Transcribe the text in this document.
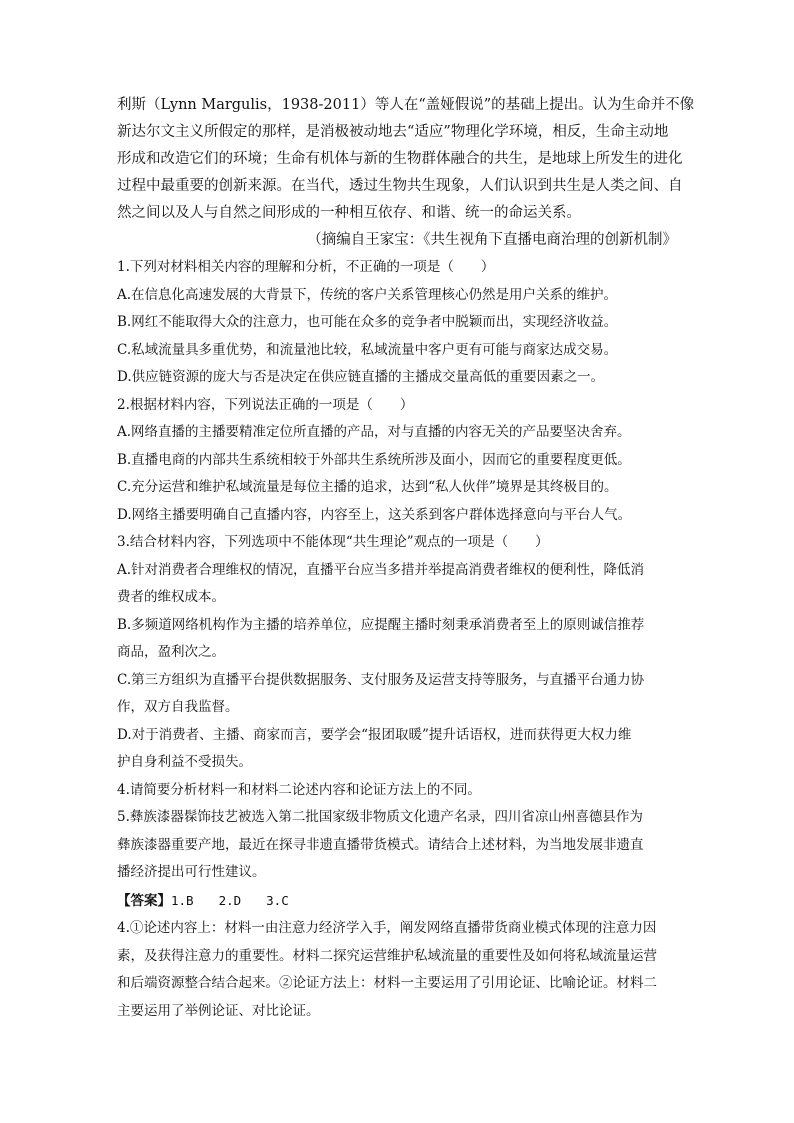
利斯（Lynn Margulis，1938-2011）等人在“盖娅假说”的基础上提出。认为生命并不像
新达尔文主义所假定的那样，是消极被动地去“适应”物理化学环境，相反，生命主动地
形成和改造它们的环境；生命有机体与新的生物群体融合的共生，是地球上所发生的进化
过程中最重要的创新来源。在当代，透过生物共生现象，人们认识到共生是人类之间、自
然之间以及人与自然之间形成的一种相互依存、和谐、统一的命运关系。
（摘编自王家宝：《共生视角下直播电商治理的创新机制》
1.下列对材料相关内容的理解和分析，不正确的一项是（　　）
A.在信息化高速发展的大背景下，传统的客户关系管理核心仍然是用户关系的维护。
B.网红不能取得大众的注意力，也可能在众多的竞争者中脱颖而出，实现经济收益。
C.私域流量具多重优势，和流量池比较，私域流量中客户更有可能与商家达成交易。
D.供应链资源的庞大与否是决定在供应链直播的主播成交量高低的重要因素之一。
2.根据材料内容，下列说法正确的一项是（　　）
A.网络直播的主播要精准定位所直播的产品，对与直播的内容无关的产品要坚决舍弃。
B.直播电商的内部共生系统相较于外部共生系统所涉及面小，因而它的重要程度更低。
C.充分运营和维护私域流量是每位主播的追求，达到“私人伙伴”境界是其终极目的。
D.网络主播要明确自己直播内容，内容至上，这关系到客户群体选择意向与平台人气。
3.结合材料内容，下列选项中不能体现“共生理论”观点的一项是（　　）
A.针对消费者合理维权的情况，直播平台应当多措并举提高消费者维权的便利性，降低消
费者的维权成本。
B.多频道网络机构作为主播的培养单位，应提醒主播时刻秉承消费者至上的原则诚信推荐
商品，盈利次之。
C.第三方组织为直播平台提供数据服务、支付服务及运营支持等服务，与直播平台通力协
作，双方自我监督。
D.对于消费者、主播、商家而言，要学会“报团取暖”提升话语权，进而获得更大权力维
护自身利益不受损失。
4.请简要分析材料一和材料二论述内容和论证方法上的不同。
5.彝族漆器髹饰技艺被选入第二批国家级非物质文化遗产名录，四川省凉山州喜德县作为
彝族漆器重要产地，最近在探寻非遗直播带货模式。请结合上述材料，为当地发展非遗直
播经济提出可行性建议。
【答案】1.B　　2.D　　3.C
4.①论述内容上：材料一由注意力经济学入手，阐发网络直播带货商业模式体现的注意力因
素，及获得注意力的重要性。材料二探究运营维护私域流量的重要性及如何将私域流量运营
和后端资源整合结合起来。②论证方法上：材料一主要运用了引用论证、比喻论证。材料二
主要运用了举例论证、对比论证。
